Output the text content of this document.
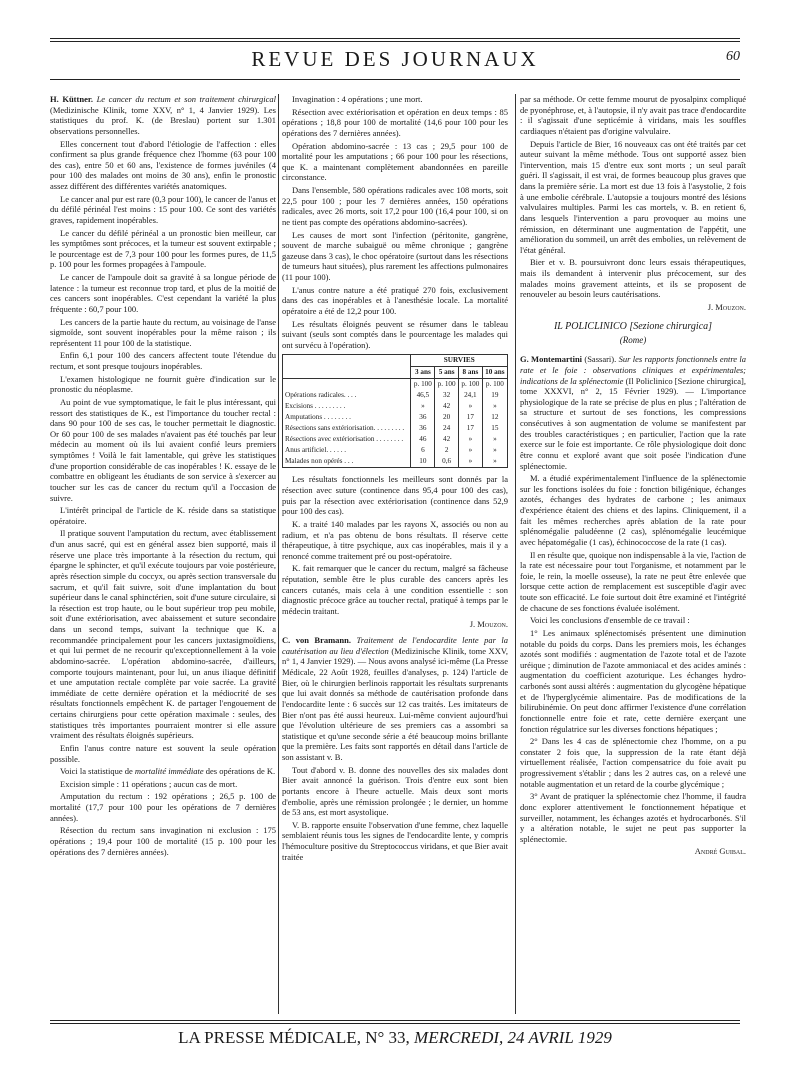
REVUE DES JOURNAUX	60

H. Küttner. Le cancer du rectum et son traitement chirurgical (Medizinische Klinik, tome XXV, n° 1, 4 Janvier 1929). Les statistiques du prof. K. (de Breslau) portent sur 1.301 observations personnelles.

Elles concernent tout d'abord l'étiologie de l'affection : elles confirment sa plus grande fréquence chez l'homme (63 pour 100 des cas), entre 50 et 60 ans, l'existence de formes juvéniles (4 pour 100 des malades ont moins de 30 ans), enfin le pronostic assez différent des différentes variétés anatomiques.

Le cancer anal pur est rare (0,3 pour 100), le cancer de l'anus et du défilé périnéal l'est moins : 15 pour 100. Ce sont des variétés graves, rapidement inopérables.

Le cancer du défilé périnéal a un pronostic bien meilleur, car les symptômes sont précoces, et la tumeur est souvent extirpable ; le pourcentage est de 7,3 pour 100 pour les formes pures, de 11,5 p. 100 pour les formes propagées à l'ampoule.

Le cancer de l'ampoule doit sa gravité à sa longue période de latence : la tumeur est reconnue trop tard, et plus de la moitié de ces cancers sont inopérables. C'est cependant la variété la plus fréquente : 60,7 pour 100.

Les cancers de la partie haute du rectum, au voisinage de l'anse sigmoïde, sont souvent inopérables pour la même raison ; ils représentent 11 pour 100 de la statistique.

Enfin 6,1 pour 100 des cancers affectent toute l'étendue du rectum, et sont presque toujours inopérables.

L'examen histologique ne fournit guère d'indication sur le pronostic du néoplasme.

Au point de vue symptomatique, le fait le plus intéressant, qui ressort des statistiques de K., est l'importance du toucher rectal : dans 90 pour 100 de ses cas, le toucher permettait le diagnostic. Or 60 pour 100 de ses malades n'avaient pas été touchés par leur médecin au moment où ils lui avaient confié leurs premiers symptômes ! Voilà le fait lamentable, qui grève les statistiques d'une proportion considérable de cas inopérables ! K. essaye de le combattre en obligeant les étudiants de son service à s'exercer au toucher sur les cas de cancer du rectum qu'il a l'occasion de suivre.

L'intérêt principal de l'article de K. réside dans sa statistique opératoire.

Il pratique souvent l'amputation du rectum, avec établissement d'un anus sacré, qui est en général assez bien supporté, mais il réserve une place très importante à la résection du rectum, qui épargne le sphincter, et qu'il exécute toujours par voie postérieure, après résection simple du coccyx, ou après section transversale du sacrum, et qu'il fait suivre, soit d'une implantation du bout supérieur dans le canal sphinctérien, soit d'une suture circulaire, si la résection est trop haute, ou le bout supérieur trop peu mobile, soit d'une extériorisation, avec abaissement et suture secondaire dans un second temps, suivant la technique que K. a recommandée principalement pour les cancers juxtasigmoïdiens, et qui lui permet de ne recourir qu'exceptionnellement à la voie abdomino-sacrée. L'opération abdomino-sacrée, d'ailleurs, comporte toujours maintenant, pour lui, un anus iliaque définitif et une amputation rectale complète par voie sacrée. La gravité immédiate de cette dernière opération et la médiocrité de ses résultats fonctionnels empêchent K. de partager l'engouement de certains chirurgiens pour cette opération maximale : seules, des statistiques très importantes pourraient montrer si elle assure vraiment des résultats éloignés supérieurs.

Enfin l'anus contre nature est souvent la seule opération possible.

Voici la statistique de mortalité immédiate des opérations de K.

Excision simple : 11 opérations ; aucun cas de mort.

Amputation du rectum : 192 opérations ; 26,5 p. 100 de mortalité (17,7 pour 100 pour les opérations de 7 dernières années).

Résection du rectum sans invagination ni exclusion : 175 opérations ; 19,4 pour 100 de mortalité (15 p. 100 pour les opérations des 7 dernières années).

Invagination : 4 opérations ; une mort.

Résection avec extériorisation et opération en deux temps : 85 opérations ; 18,8 pour 100 de mortalité (14,6 pour 100 pour les opérations des 7 dernières années).

Opération abdomino-sacrée : 13 cas ; 29,5 pour 100 de mortalité pour les amputations ; 66 pour 100 pour les résections, que K. a maintenant complètement abandonnées en pareille circonstance.

Dans l'ensemble, 580 opérations radicales avec 108 morts, soit 22,5 pour 100 ; pour les 7 dernières années, 150 opérations radicales, avec 26 morts, soit 17,2 pour 100 (16,4 pour 100, si on ne tient pas compte des opérations abdomino-sacrées).

Les causes de mort sont l'infection (péritonite, gangrène, souvent de marche subaiguë ou même chronique ; gangrène gazeuse dans 3 cas), le choc opératoire (surtout dans les résections de tumeurs haut situées), plus rarement les affections pulmonaires (11 pour 100).

L'anus contre nature a été pratiqué 270 fois, exclusivement dans des cas inopérables et à l'anesthésie locale. La mortalité opératoire a été de 12,2 pour 100.

Les résultats éloignés peuvent se résumer dans le tableau suivant (seuls sont comptés dans le pourcentage les malades qui ont survécu à l'opération).

	SURVIES			
	3 ans	5 ans	8 ans	10 ans
	p. 100	p. 100	p. 100	p. 100
Opérations radicales. . . .	46,5	32	24,1	19
Excisions . . . . . . . . .	»	42	»	»
Amputations . . . . . . . .	36	20	17	12
Résections sans extériorisation. . . . . . . . .	36	24	17	15
Résections avec extériorisation . . . . . . . .	46	42	»	»
Anus artificiel. . . . . .	6	2	»	»
Malades non opérés . . .	10	0,6	»	»

Les résultats fonctionnels les meilleurs sont donnés par la résection avec suture (continence dans 95,4 pour 100 des cas), puis par la résection avec extériorisation (continence dans 52,9 pour 100 des cas).

K. a traité 140 malades par les rayons X, associés ou non au radium, et n'a pas obtenu de bons résultats. Il réserve cette thérapeutique, à titre psychique, aux cas inopérables, mais il y a renoncé comme traitement pré ou post-opératoire.

K. fait remarquer que le cancer du rectum, malgré sa fâcheuse réputation, semble être le plus curable des cancers après les cancers cutanés, mais cela à une condition essentielle : son diagnostic précoce grâce au toucher rectal, pratiqué à temps par le médecin traitant.

J. Mouzon.

C. von Bramann. Traitement de l'endocardite lente par la cautérisation au lieu d'élection (Medizinische Klinik, tome XXV, n° 1, 4 Janvier 1929). — Nous avons analysé ici-même (La Presse Médicale, 22 Août 1928, feuilles d'analyses, p. 124) l'article de Bier, où le chirurgien berlinois rapportait les résultats surprenants que lui avait donnés sa méthode de cautérisation profonde dans l'endocardite lente : 6 succès sur 12 cas traités. Les imitateurs de Bier n'ont pas été aussi heureux. Lui-même convient aujourd'hui que l'évolution ultérieure de ses premiers cas a assombri sa statistique et qu'une seconde série a été beaucoup moins brillante que la première. Les faits sont rapportés en détail dans l'article de son assistant v. B.

Tout d'abord v. B. donne des nouvelles des six malades dont Bier avait annoncé la guérison. Trois d'entre eux sont bien portants encore à l'heure actuelle. Mais deux sont morts d'embolie, après une rémission prolongée ; le dernier, un homme de 53 ans, est mort asystolique.

V. B. rapporte ensuite l'observation d'une femme, chez laquelle semblaient réunis tous les signes de l'endocardite lente, y compris l'hémoculture positive du Streptococcus viridans, et que Bier avait traitée

par sa méthode. Or cette femme mourut de pyosalpinx compliqué de pyonéphrose, et, à l'autopsie, il n'y avait pas trace d'endocardite : il s'agissait d'une septicémie à viridans, mais les souffles cardiaques n'étaient pas d'origine valvulaire.

Depuis l'article de Bier, 16 nouveaux cas ont été traités par cet auteur suivant la même méthode. Tous ont supporté assez bien l'intervention, mais 15 d'entre eux sont morts ; un seul paraît guéri. Il s'agissait, il est vrai, de formes beaucoup plus graves que dans la première série. La mort est due 13 fois à l'asystolie, 2 fois à une embolie cérébrale. L'autopsie a toujours montré des lésions valvulaires multiples. Parmi les cas mortels, v. B. en retient 6, dans lesquels l'intervention a paru provoquer au moins une rémission, en déterminant une augmentation de l'appétit, une amélioration du sommeil, un arrêt des embolies, un relèvement de l'état général.

Bier et v. B. poursuivront donc leurs essais thérapeutiques, mais ils demandent à intervenir plus précocement, sur des malades moins gravement atteints, et ils se proposent de renouveler au besoin leurs cautérisations.

J. Mouzon.

IL POLICLINICO [Sezione chirurgica]

(Rome)

G. Montemartini (Sassari). Sur les rapports fonctionnels entre la rate et le foie : observations cliniques et expérimentales; indications de la splénectomie (Il Policlinico [Sezione chirurgica], tome XXXVI, n° 2, 15 Février 1929). — L'importance physiologique de la rate se précise de plus en plus ; l'altération de sa structure et surtout de ses fonctions, les compressions consécutives à son augmentation de volume se manifestent par des troubles caractéristiques ; en particulier, l'action que la rate exerce sur le foie est importante. Ce rôle physiologique doit donc être connu et exploré avant que soit posée l'indication d'une splénectomie.

M. a étudié expérimentalement l'influence de la splénectomie sur les fonctions isolées du foie : fonction biligénique, échanges azotés, échanges des hydrates de carbone ; les animaux d'expérience étaient des chiens et des lapins. Cliniquement, il a fait les mêmes recherches après ablation de la rate pour splénomégalie paludéenne (2 cas), splénomégalie leucémique avec hépatomégalie (1 cas), échinococcose de la rate (1 cas).

Il en résulte que, quoique non indispensable à la vie, l'action de la rate est nécessaire pour tout l'organisme, et notamment par le foie, le rein, la moelle osseuse), la rate ne peut être enlevée que lorsque cette action de remplacement est susceptible d'agir avec toute son efficacité. Le foie surtout doit être examiné et l'intégrité de chacune de ses fonctions évaluée isolément.

Voici les conclusions d'ensemble de ce travail :

1° Les animaux splénectomisés présentent une diminution notable du poids du corps. Dans les premiers mois, les échanges azotés sont modifiés : augmentation de l'azote total et de l'azote uréique ; diminution de l'azote ammoniacal et des acides aminés : augmentation du coefficient azoturique. Les échanges hydro-carbonés sont aussi altérés : augmentation du glycogène hépatique et de l'hyperglycémie alimentaire. Pas de modifications de la bilirubinémie. On peut donc affirmer l'existence d'une corrélation fonctionnelle entre foie et rate, cette dernière exerçant une fonction régulatrice sur les diverses fonctions hépatiques ;

2° Dans les 4 cas de splénectomie chez l'homme, on a pu constater 2 fois que, la suppression de la rate étant déjà virtuellement réalisée, l'action compensatrice du foie avait pu progressivement s'établir ; dans les 2 autres cas, on a relevé une notable augmentation et un retard de la courbe glycémique ;

3° Avant de pratiquer la splénectomie chez l'homme, il faudra donc explorer attentivement le fonctionnement hépatique et surveiller, notamment, les échanges azotés et hydrocarbonés. S'il y a altération notable, le sujet ne peut pas supporter la splénectomie.

André Guibal.

LA PRESSE MÉDICALE, N° 33, MERCREDI, 24 AVRIL 1929
